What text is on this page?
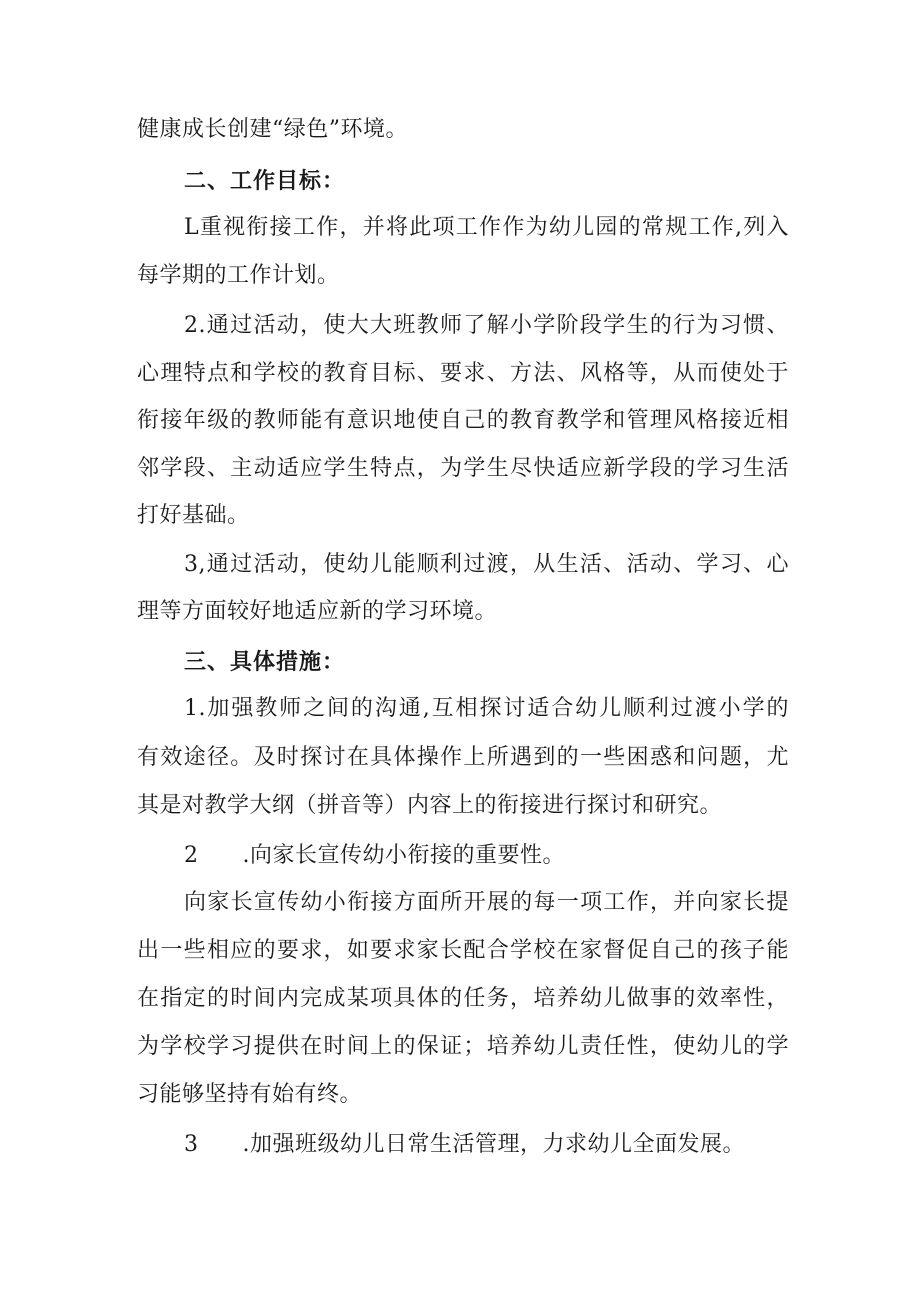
健康成长创建“绿色”环境。
二、工作目标：
L重视衔接工作，并将此项工作作为幼儿园的常规工作,列入
每学期的工作计划。
2.通过活动，使大大班教师了解小学阶段学生的行为习惯、
心理特点和学校的教育目标、要求、方法、风格等，从而使处于
衔接年级的教师能有意识地使自己的教育教学和管理风格接近相
邻学段、主动适应学生特点，为学生尽快适应新学段的学习生活
打好基础。
3,通过活动，使幼儿能顺利过渡，从生活、活动、学习、心
理等方面较好地适应新的学习环境。
三、具体措施：
1.加强教师之间的沟通,互相探讨适合幼儿顺利过渡小学的
有效途径。及时探讨在具体操作上所遇到的一些困惑和问题，尤
其是对教学大纲（拼音等）内容上的衔接进行探讨和研究。
2 .向家长宣传幼小衔接的重要性。
向家长宣传幼小衔接方面所开展的每一项工作，并向家长提
出一些相应的要求，如要求家长配合学校在家督促自己的孩子能
在指定的时间内完成某项具体的任务，培养幼儿做事的效率性，
为学校学习提供在时间上的保证；培养幼儿责任性，使幼儿的学
习能够坚持有始有终。
3 .加强班级幼儿日常生活管理，力求幼儿全面发展。
